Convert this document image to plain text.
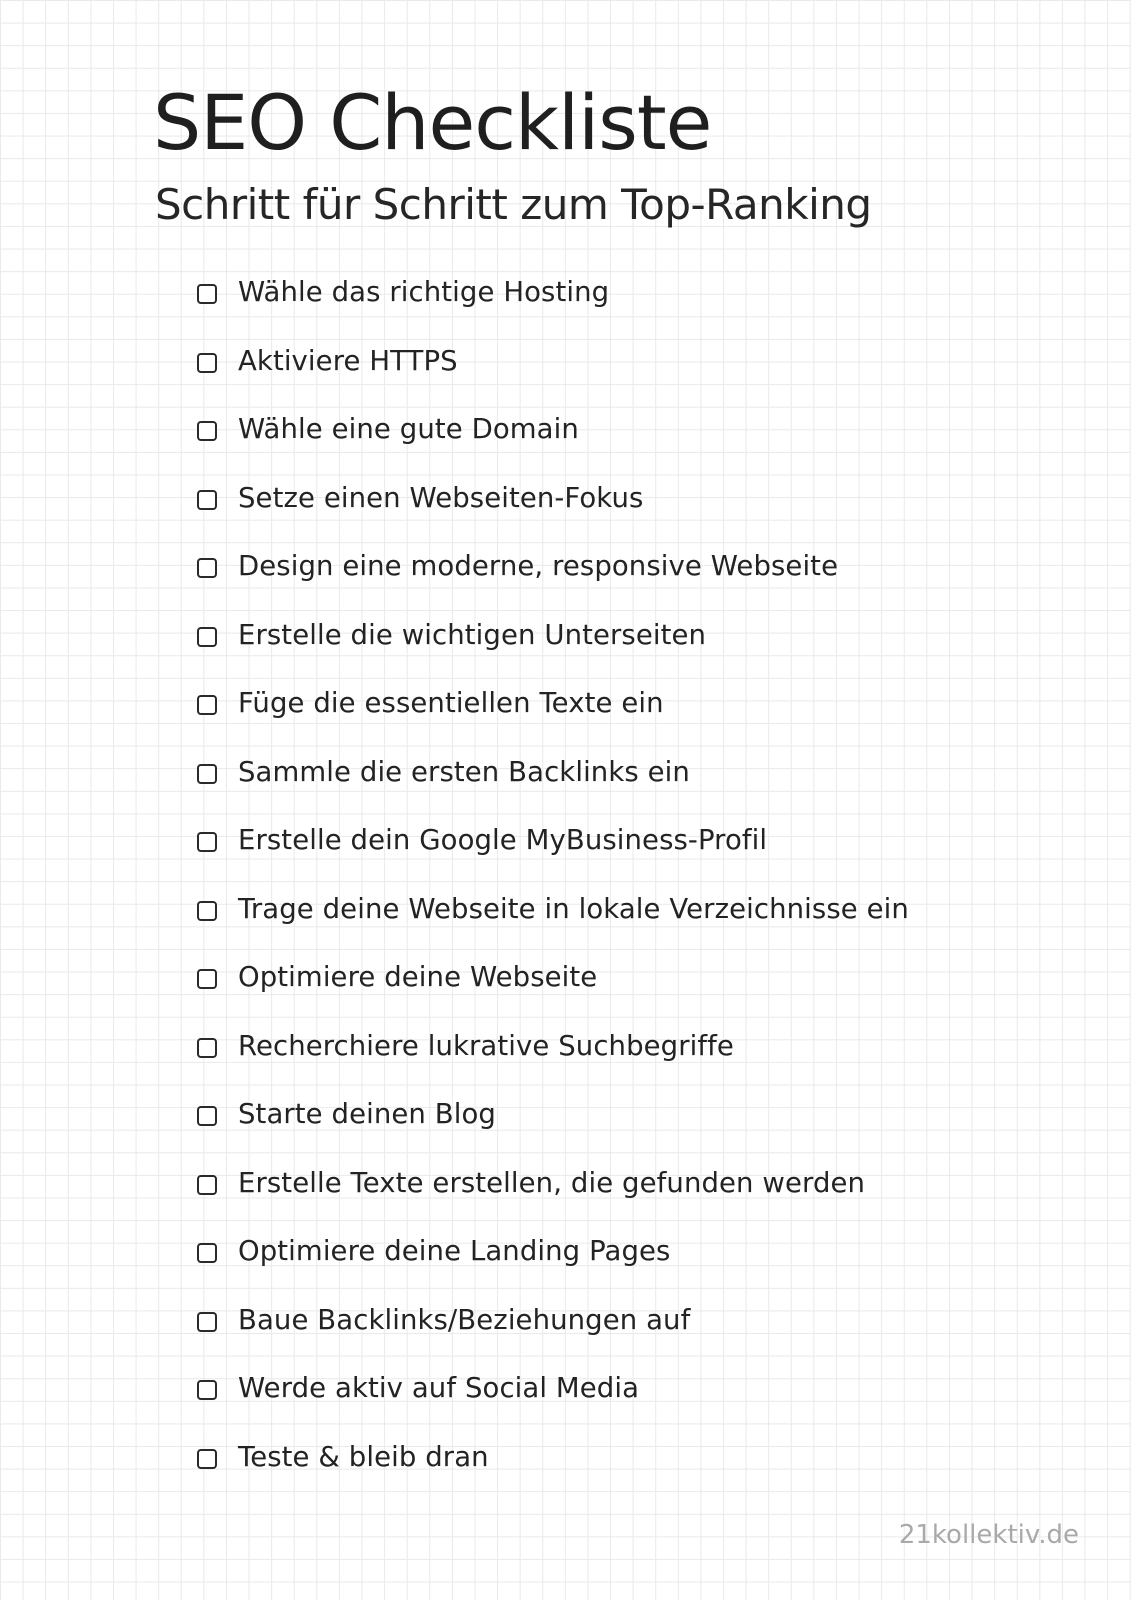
SEO Checkliste
Schritt für Schritt zum Top-Ranking
Wähle das richtige Hosting
Aktiviere HTTPS
Wähle eine gute Domain
Setze einen Webseiten-Fokus
Design eine moderne, responsive Webseite
Erstelle die wichtigen Unterseiten
Füge die essentiellen Texte ein
Sammle die ersten Backlinks ein
Erstelle dein Google MyBusiness-Profil
Trage deine Webseite in lokale Verzeichnisse ein
Optimiere deine Webseite
Recherchiere lukrative Suchbegriffe
Starte deinen Blog
Erstelle Texte erstellen, die gefunden werden
Optimiere deine Landing Pages
Baue Backlinks/Beziehungen auf
Werde aktiv auf Social Media
Teste & bleib dran
21kollektiv.de
